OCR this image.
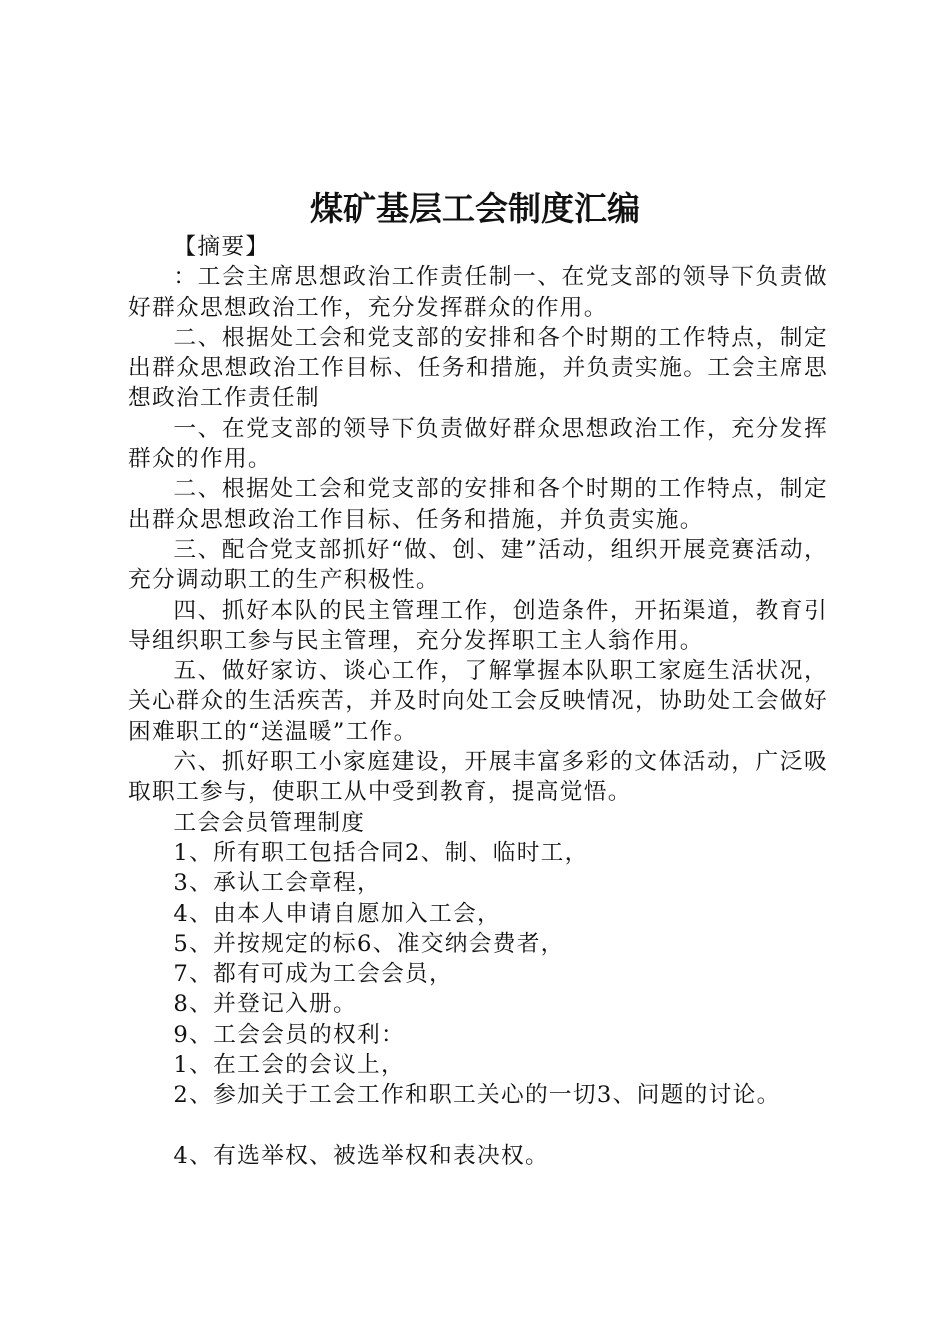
煤矿基层工会制度汇编

【摘要】

：工会主席思想政治工作责任制一、在党支部的领导下负责做好群众思想政治工作，充分发挥群众的作用。

二、根据处工会和党支部的安排和各个时期的工作特点，制定出群众思想政治工作目标、任务和措施，并负责实施。工会主席思想政治工作责任制

一、在党支部的领导下负责做好群众思想政治工作，充分发挥群众的作用。

二、根据处工会和党支部的安排和各个时期的工作特点，制定出群众思想政治工作目标、任务和措施，并负责实施。

三、配合党支部抓好“做、创、建”活动，组织开展竞赛活动，充分调动职工的生产积极性。

四、抓好本队的民主管理工作，创造条件，开拓渠道，教育引导组织职工参与民主管理，充分发挥职工主人翁作用。

五、做好家访、谈心工作，了解掌握本队职工家庭生活状况，关心群众的生活疾苦，并及时向处工会反映情况，协助处工会做好困难职工的“送温暖”工作。

六、抓好职工小家庭建设，开展丰富多彩的文体活动，广泛吸取职工参与，使职工从中受到教育，提高觉悟。

工会会员管理制度

1、所有职工包括合同2、制、临时工，

3、承认工会章程，

4、由本人申请自愿加入工会，

5、并按规定的标6、准交纳会费者，

7、都有可成为工会会员，

8、并登记入册。

9、工会会员的权利：

1、在工会的会议上，

2、参加关于工会工作和职工关心的一切3、问题的讨论。

4、有选举权、被选举权和表决权。
